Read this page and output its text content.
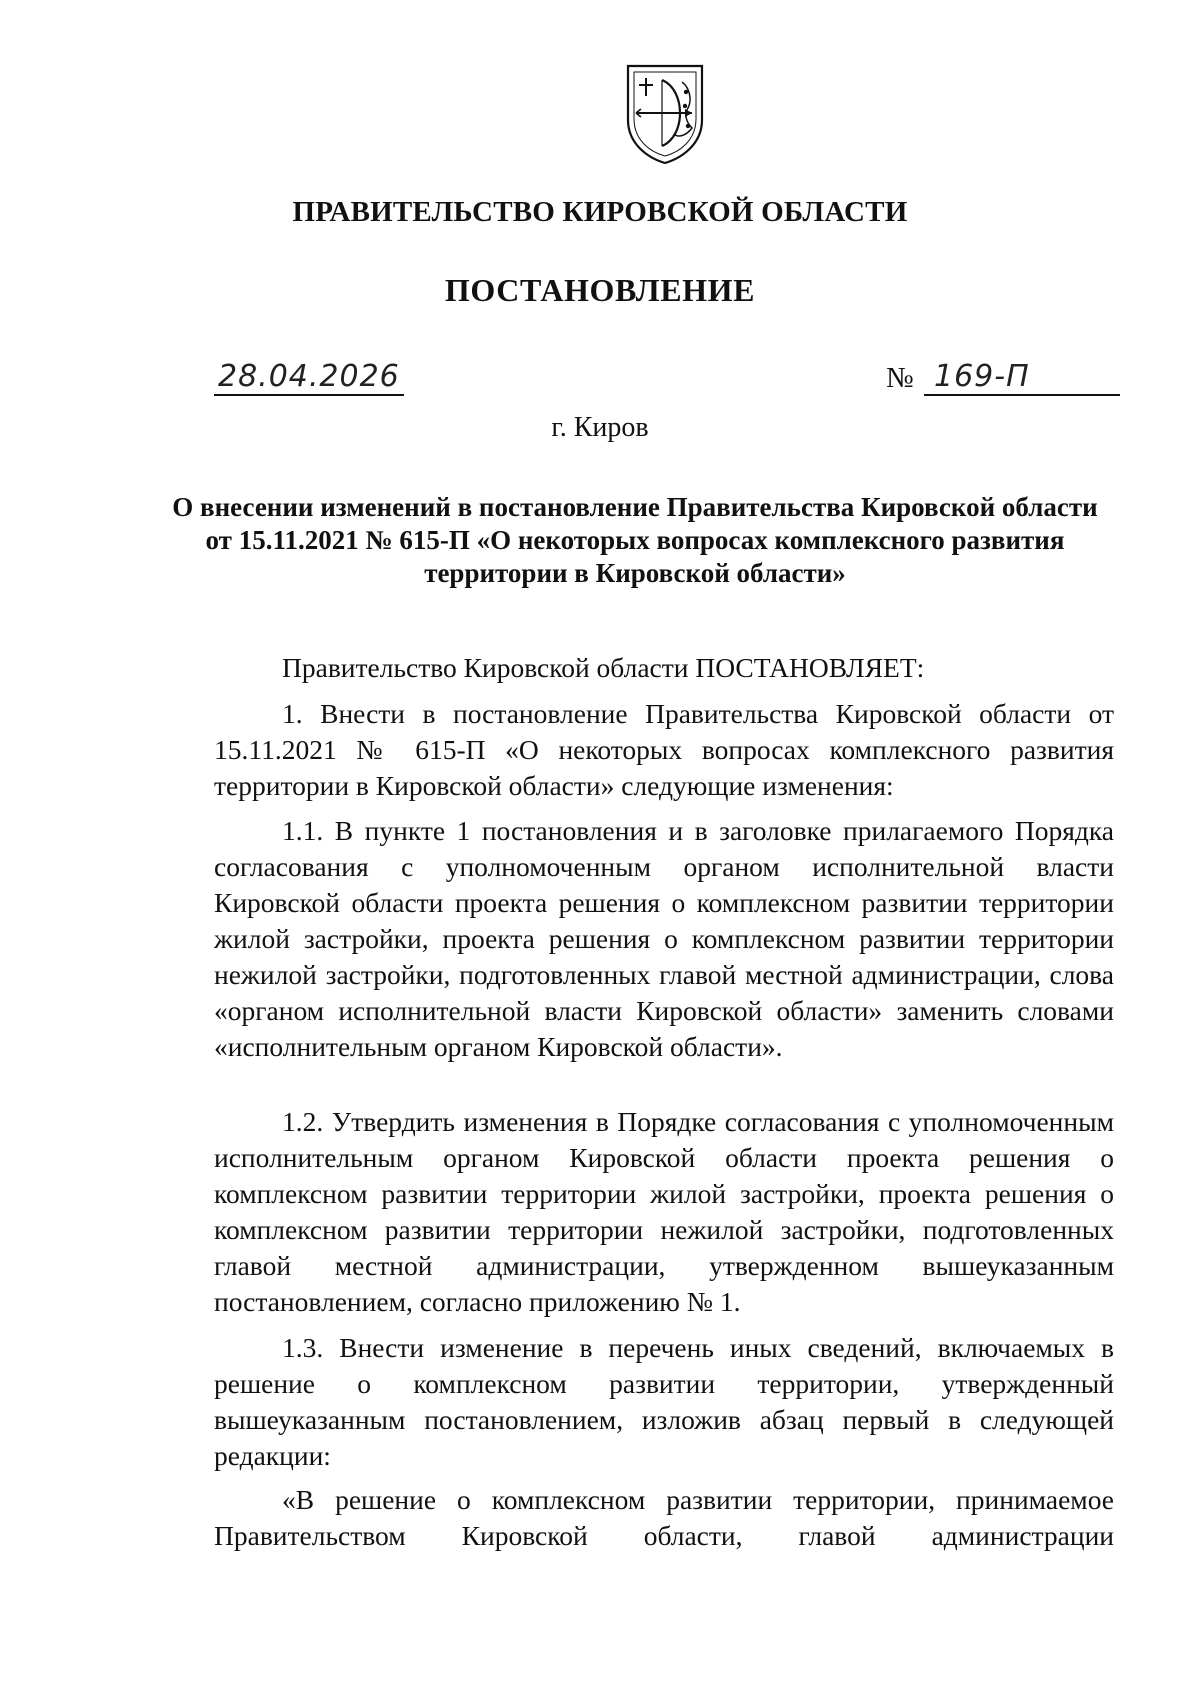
ПРАВИТЕЛЬСТВО КИРОВСКОЙ ОБЛАСТИ
ПОСТАНОВЛЕНИЕ
28.04.2026	№ 169-П
г. Киров
О внесении изменений в постановление Правительства Кировской области от 15.11.2021 № 615-П «О некоторых вопросах комплексного развития территории в Кировской области»

Правительство Кировской области ПОСТАНОВЛЯЕТ:

1. Внести в постановление Правительства Кировской области от 15.11.2021 № 615-П «О некоторых вопросах комплексного развития территории в Кировской области» следующие изменения:

1.1. В пункте 1 постановления и в заголовке прилагаемого Порядка согласования с уполномоченным органом исполнительной власти Кировской области проекта решения о комплексном развитии территории жилой застройки, проекта решения о комплексном развитии территории нежилой застройки, подготовленных главой местной администрации, слова «органом исполнительной власти Кировской области» заменить словами «исполнительным органом Кировской области».

1.2. Утвердить изменения в Порядке согласования с уполномоченным исполнительным органом Кировской области проекта решения о комплексном развитии территории жилой застройки, проекта решения о комплексном развитии территории нежилой застройки, подготовленных главой местной администрации, утвержденном вышеуказанным постановлением, согласно приложению № 1.

1.3. Внести изменение в перечень иных сведений, включаемых в решение о комплексном развитии территории, утвержденный вышеуказанным постановлением, изложив абзац первый в следующей редакции:

«В решение о комплексном развитии территории, принимаемое Правительством Кировской области, главой администрации
